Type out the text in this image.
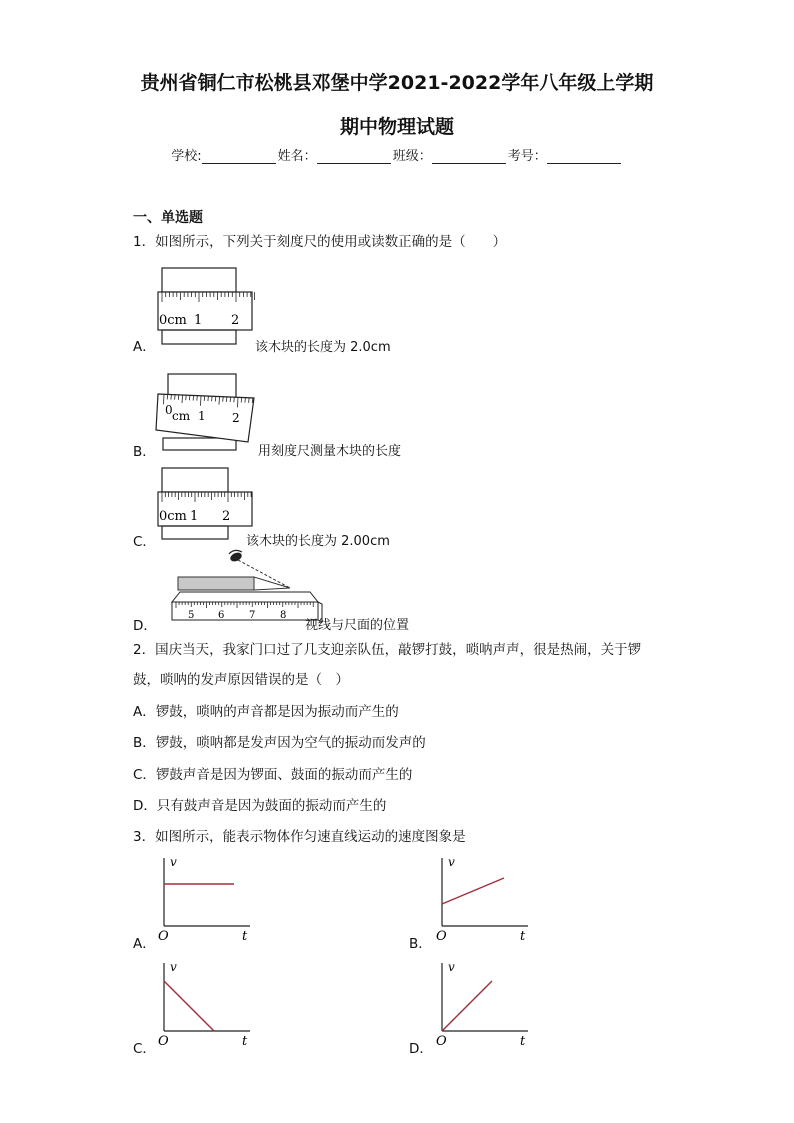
贵州省铜仁市松桃县邓堡中学2021-2022学年八年级上学期
期中物理试题
学校:	姓名：	班级：	考号：
一、单选题
1．如图所示，下列关于刻度尺的使用或读数正确的是（　　）
A．
0cm 1 2
该木块的长度为 2.0cm
B．
0 cm 1 2
用刻度尺测量木块的长度
C．
0cm 1 2
该木块的长度为 2.00cm
D．
5 6 7 8
视线与尺面的位置
2．国庆当天，我家门口过了几支迎亲队伍，敲锣打鼓，唢呐声声，很是热闹，关于锣
鼓，唢呐的发声原因错误的是（　）
A．锣鼓，唢呐的声音都是因为振动而产生的
B．锣鼓，唢呐都是发声因为空气的振动而发声的
C．锣鼓声音是因为锣面、鼓面的振动而产生的
D．只有鼓声音是因为鼓面的振动而产生的
3．如图所示，能表示物体作匀速直线运动的速度图象是
A．
v
t
O	B．
v
t
O
C．
v
t
O	D．
v
t
O
